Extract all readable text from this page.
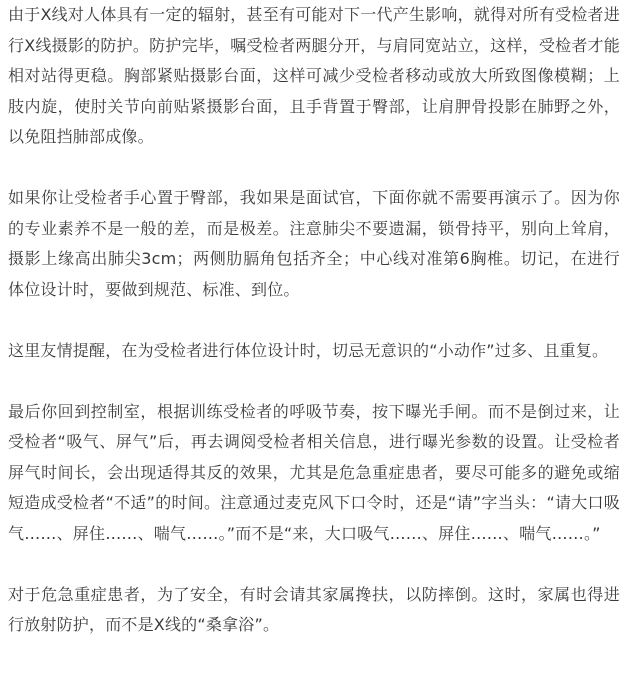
由于X线对人体具有一定的辐射，甚至有可能对下一代产生影响，就得对所有受检者进行X线摄影的防护。防护完毕，嘱受检者两腿分开，与肩同宽站立，这样，受检者才能相对站得更稳。胸部紧贴摄影台面，这样可减少受检者移动或放大所致图像模糊；上肢内旋，使肘关节向前贴紧摄影台面，且手背置于臀部，让肩胛骨投影在肺野之外，以免阻挡肺部成像。

如果你让受检者手心置于臀部，我如果是面试官，下面你就不需要再演示了。因为你的专业素养不是一般的差，而是极差。注意肺尖不要遗漏，锁骨持平，别向上耸肩，摄影上缘高出肺尖3cm；两侧肋膈角包括齐全；中心线对准第6胸椎。切记，在进行体位设计时，要做到规范、标准、到位。

这里友情提醒，在为受检者进行体位设计时，切忌无意识的“小动作”过多、且重复。

最后你回到控制室，根据训练受检者的呼吸节奏，按下曝光手闸。而不是倒过来，让受检者“吸气、屏气”后，再去调阅受检者相关信息，进行曝光参数的设置。让受检者屏气时间长，会出现适得其反的效果，尤其是危急重症患者，要尽可能多的避免或缩短造成受检者“不适”的时间。注意通过麦克风下口令时，还是“请”字当头：“请大口吸气……、屏住……、喘气……。”而不是“来，大口吸气……、屏住……、喘气……。”

对于危急重症患者，为了安全，有时会请其家属搀扶，以防摔倒。这时，家属也得进行放射防护，而不是X线的“桑拿浴”。
